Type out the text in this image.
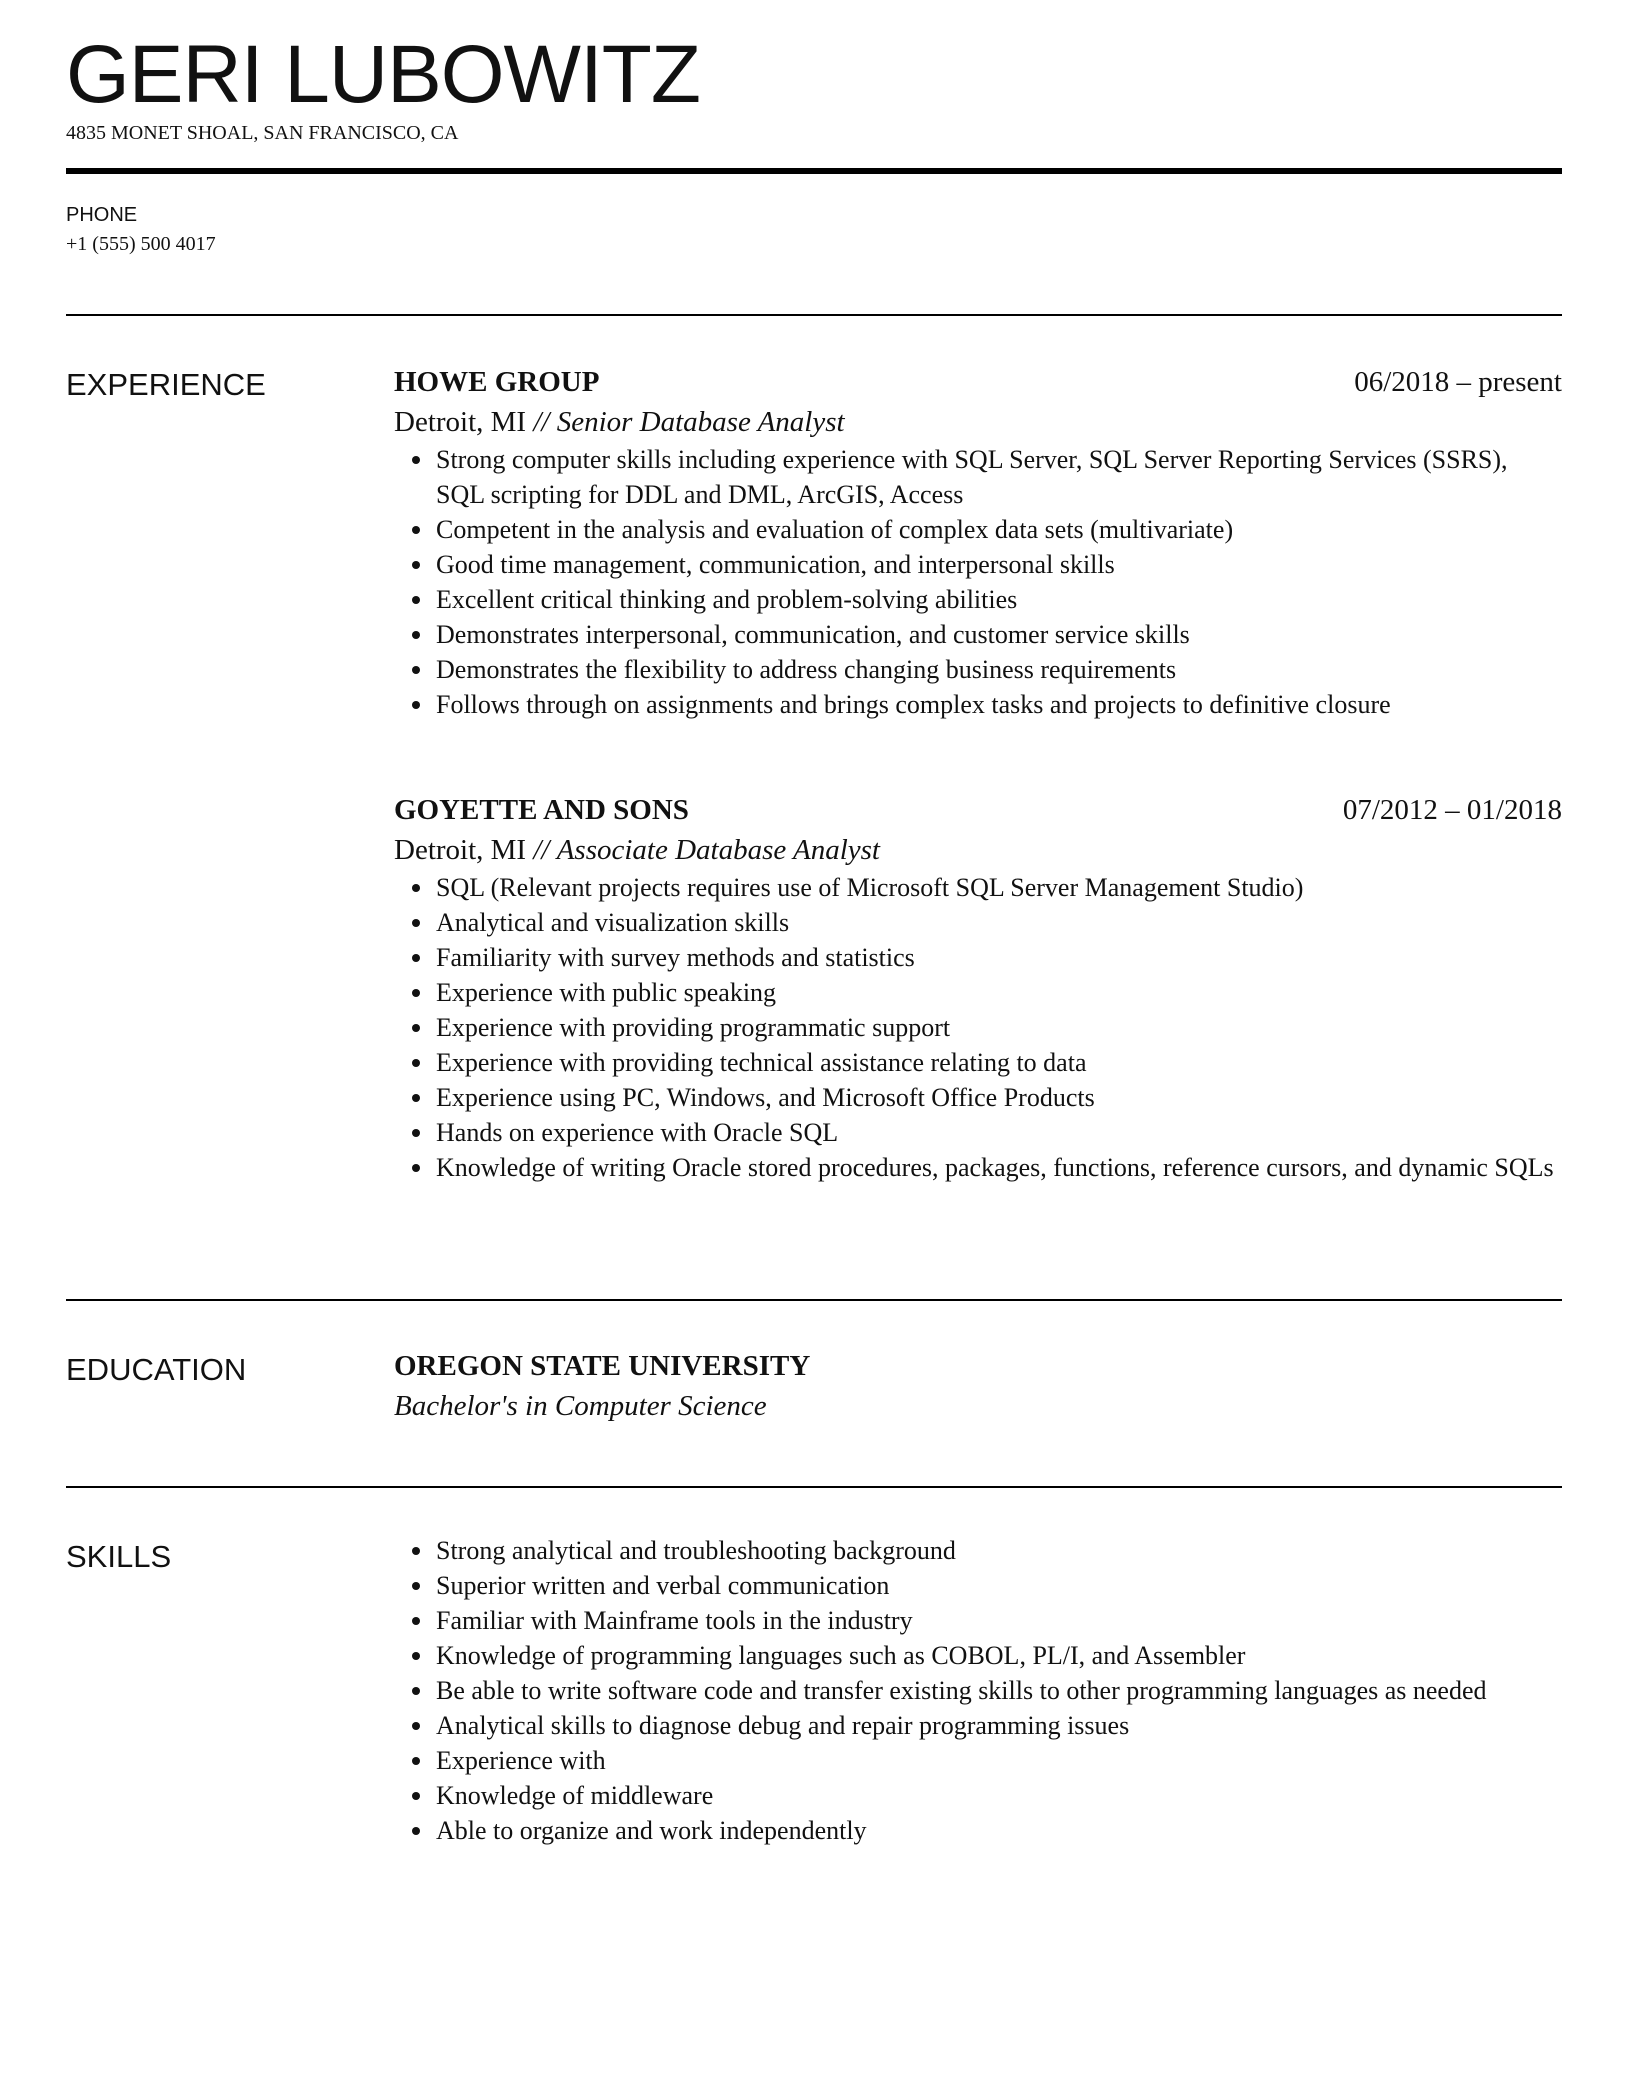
GERI LUBOWITZ
4835 MONET SHOAL, SAN FRANCISCO, CA
PHONE
+1 (555) 500 4017
EXPERIENCE	HOWE GROUP	06/2018 – present
Detroit, MI // Senior Database Analyst
Strong computer skills including experience with SQL Server, SQL Server Reporting Services (SSRS), SQL scripting for DDL and DML, ArcGIS, Access
Competent in the analysis and evaluation of complex data sets (multivariate)
Good time management, communication, and interpersonal skills
Excellent critical thinking and problem-solving abilities
Demonstrates interpersonal, communication, and customer service skills
Demonstrates the flexibility to address changing business requirements
Follows through on assignments and brings complex tasks and projects to definitive closure
GOYETTE AND SONS	07/2012 – 01/2018
Detroit, MI // Associate Database Analyst
SQL (Relevant projects requires use of Microsoft SQL Server Management Studio)
Analytical and visualization skills
Familiarity with survey methods and statistics
Experience with public speaking
Experience with providing programmatic support
Experience with providing technical assistance relating to data
Experience using PC, Windows, and Microsoft Office Products
Hands on experience with Oracle SQL
Knowledge of writing Oracle stored procedures, packages, functions, reference cursors, and dynamic SQLs
EDUCATION	OREGON STATE UNIVERSITY
Bachelor's in Computer Science
SKILLS	Strong analytical and troubleshooting background
Superior written and verbal communication
Familiar with Mainframe tools in the industry
Knowledge of programming languages such as COBOL, PL/I, and Assembler
Be able to write software code and transfer existing skills to other programming languages as needed
Analytical skills to diagnose debug and repair programming issues
Experience with
Knowledge of middleware
Able to organize and work independently
